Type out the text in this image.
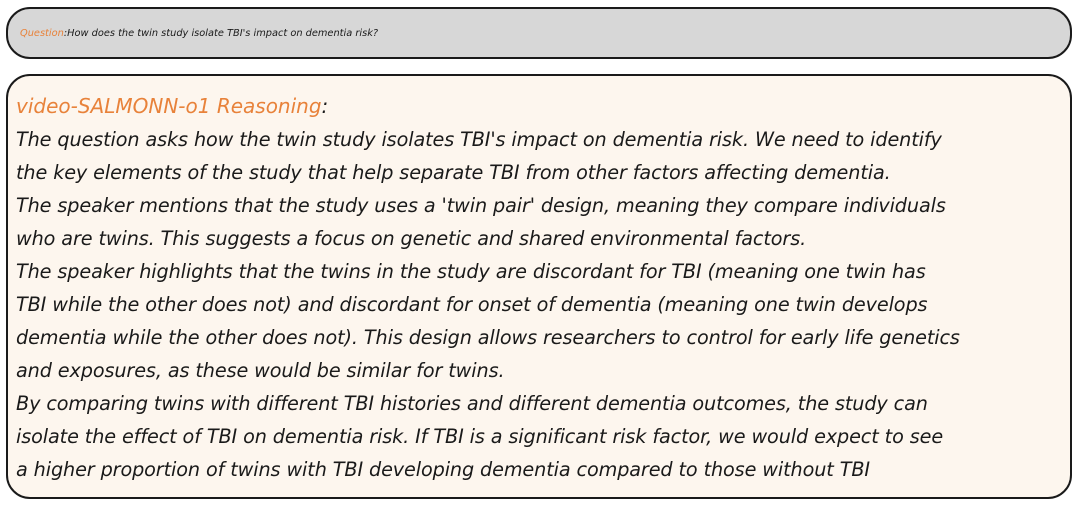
Question : How does the twin study isolate TBI's impact on dementia risk?
video-SALMONN-o1 Reasoning:
The question asks how the twin study isolates TBI's impact on dementia risk. We need to identify
the key elements of the study that help separate TBI from other factors affecting dementia.
The speaker mentions that the study uses a 'twin pair' design, meaning they compare individuals
who are twins. This suggests a focus on genetic and shared environmental factors.
The speaker highlights that the twins in the study are discordant for TBI (meaning one twin has
TBI while the other does not) and discordant for onset of dementia (meaning one twin develops
dementia while the other does not). This design allows researchers to control for early life genetics
and exposures, as these would be similar for twins.
By comparing twins with different TBI histories and different dementia outcomes, the study can
isolate the effect of TBI on dementia risk. If TBI is a significant risk factor, we would expect to see
a higher proportion of twins with TBI developing dementia compared to those without TBI
